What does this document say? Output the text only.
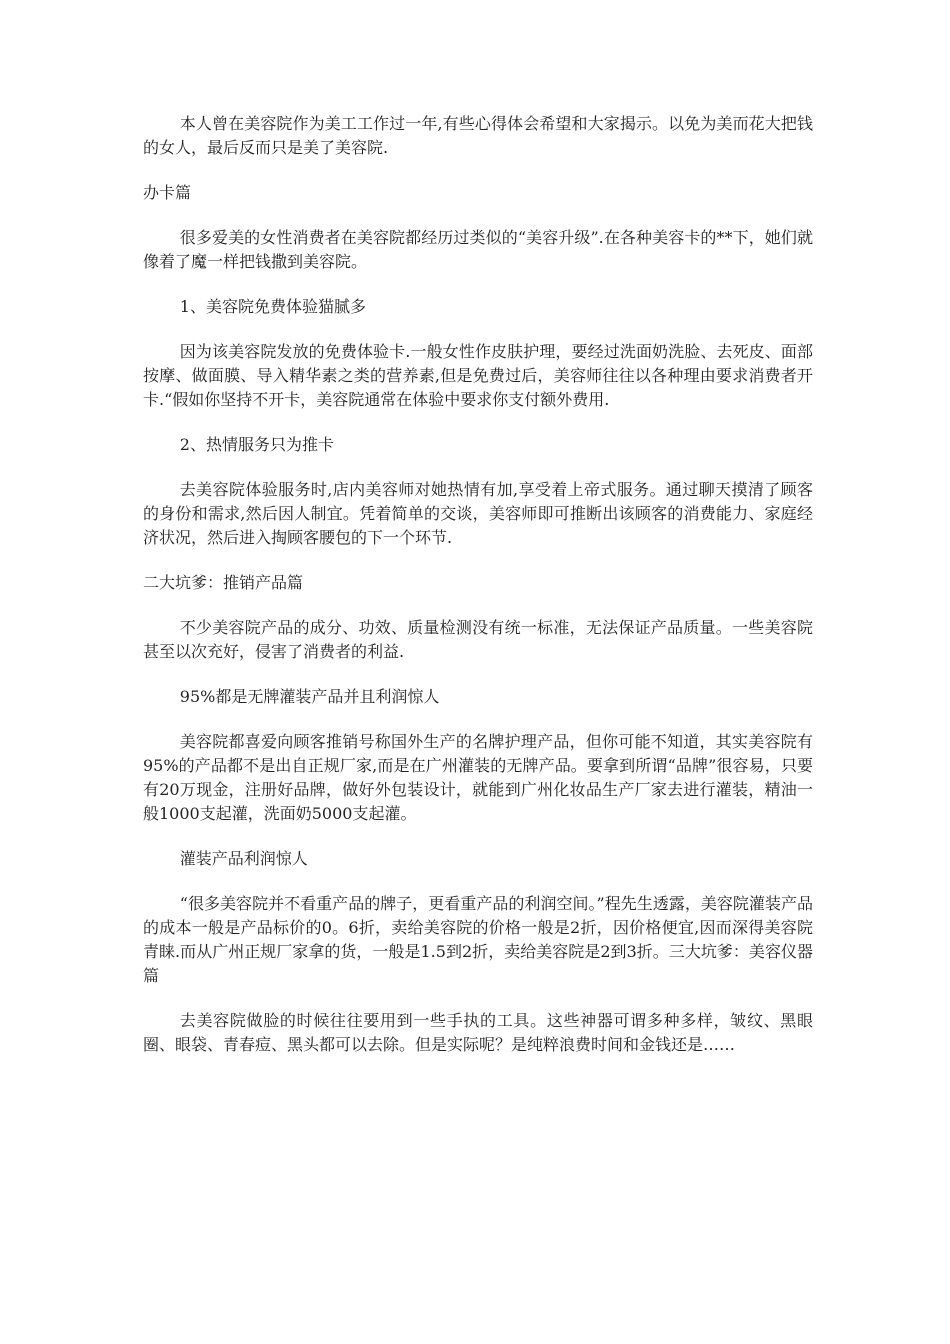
本人曾在美容院作为美工工作过一年,有些心得体会希望和大家揭示。以免为美而花大把钱的女人，最后反而只是美了美容院.

办卡篇

很多爱美的女性消费者在美容院都经历过类似的“美容升级”.在各种美容卡的**下，她们就像着了魔一样把钱撒到美容院。

1、美容院免费体验猫腻多

因为该美容院发放的免费体验卡.一般女性作皮肤护理，要经过洗面奶洗脸、去死皮、面部按摩、做面膜、导入精华素之类的营养素,但是免费过后，美容师往往以各种理由要求消费者开卡.“假如你坚持不开卡，美容院通常在体验中要求你支付额外费用.

2、热情服务只为推卡

去美容院体验服务时,店内美容师对她热情有加,享受着上帝式服务。通过聊天摸清了顾客的身份和需求,然后因人制宜。凭着简单的交谈，美容师即可推断出该顾客的消费能力、家庭经济状况，然后进入掏顾客腰包的下一个环节.

二大坑爹：推销产品篇

不少美容院产品的成分、功效、质量检测没有统一标准，无法保证产品质量。一些美容院甚至以次充好，侵害了消费者的利益.

95%都是无牌灌装产品并且利润惊人

美容院都喜爱向顾客推销号称国外生产的名牌护理产品，但你可能不知道，其实美容院有95%的产品都不是出自正规厂家,而是在广州灌装的无牌产品。要拿到所谓“品牌”很容易，只要有20万现金，注册好品牌，做好外包装设计，就能到广州化妆品生产厂家去进行灌装，精油一般1000支起灌，洗面奶5000支起灌。

灌装产品利润惊人

“很多美容院并不看重产品的牌子，更看重产品的利润空间。”程先生透露，美容院灌装产品的成本一般是产品标价的0。6折，卖给美容院的价格一般是2折，因价格便宜,因而深得美容院青睐.而从广州正规厂家拿的货，一般是1.5到2折，卖给美容院是2到3折。三大坑爹：美容仪器篇

去美容院做脸的时候往往要用到一些手执的工具。这些神器可谓多种多样，皱纹、黑眼圈、眼袋、青春痘、黑头都可以去除。但是实际呢？是纯粹浪费时间和金钱还是……
